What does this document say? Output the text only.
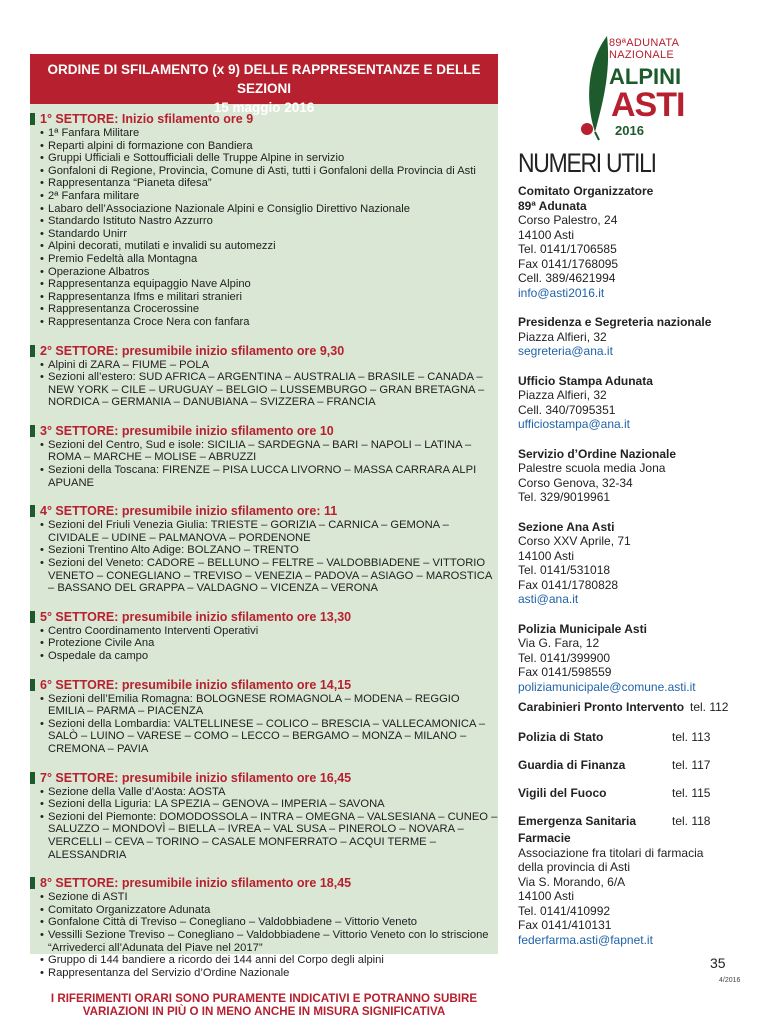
ORDINE DI SFILAMENTO (x 9) DELLE RAPPRESENTANZE E DELLE SEZIONI
15 maggio 2016
1° SETTORE: Inizio sfilamento ore 9
• 1ª Fanfara Militare
• Reparti alpini di formazione con Bandiera
• Gruppi Ufficiali e Sottoufficiali delle Truppe Alpine in servizio
• Gonfaloni di Regione, Provincia, Comune di Asti, tutti i Gonfaloni della Provincia di Asti
• Rappresentanza “Pianeta difesa”
• 2ª Fanfara militare
• Labaro dell’Associazione Nazionale Alpini e Consiglio Direttivo Nazionale
• Standardo Istituto Nastro Azzurro
• Standardo Unirr
• Alpini decorati, mutilati e invalidi su automezzi
• Premio Fedeltà alla Montagna
• Operazione Albatros
• Rappresentanza equipaggio Nave Alpino
• Rappresentanza Ifms e militari stranieri
• Rappresentanza Crocerossine
• Rappresentanza Croce Nera con fanfara
2° SETTORE: presumibile inizio sfilamento ore 9,30
• Alpini di ZARA – FIUME – POLA
• Sezioni all’estero: SUD AFRICA – ARGENTINA – AUSTRALIA – BRASILE – CANADA – NEW YORK – CILE – URUGUAY – BELGIO – LUSSEMBURGO – GRAN BRETAGNA – NORDICA – GERMANIA – DANUBIANA – SVIZZERA – FRANCIA
3° SETTORE: presumibile inizio sfilamento ore 10
• Sezioni del Centro, Sud e isole: SICILIA – SARDEGNA – BARI – NAPOLI – LATINA – ROMA – MARCHE – MOLISE – ABRUZZI
• Sezioni della Toscana: FIRENZE – PISA LUCCA LIVORNO – MASSA CARRARA ALPI APUANE
4° SETTORE: presumibile inizio sfilamento ore: 11
• Sezioni del Friuli Venezia Giulia: TRIESTE – GORIZIA – CARNICA – GEMONA – CIVIDALE – UDINE – PALMANOVA – PORDENONE
• Sezioni Trentino Alto Adige: BOLZANO – TRENTO
• Sezioni del Veneto: CADORE – BELLUNO – FELTRE – VALDOBBIADENE – VITTORIO VENETO – CONEGLIANO – TREVISO – VENEZIA – PADOVA – ASIAGO – MAROSTICA – BASSANO DEL GRAPPA – VALDAGNO – VICENZA – VERONA
5° SETTORE: presumibile inizio sfilamento ore 13,30
• Centro Coordinamento Interventi Operativi
• Protezione Civile Ana
• Ospedale da campo
6° SETTORE: presumibile inizio sfilamento ore 14,15
• Sezioni dell’Emilia Romagna: BOLOGNESE ROMAGNOLA – MODENA – REGGIO EMILIA – PARMA – PIACENZA
• Sezioni della Lombardia: VALTELLINESE – COLICO – BRESCIA – VALLECAMONICA – SALÒ – LUINO – VARESE – COMO – LECCO – BERGAMO – MONZA – MILANO – CREMONA – PAVIA
7° SETTORE: presumibile inizio sfilamento ore 16,45
• Sezione della Valle d’Aosta: AOSTA
• Sezioni della Liguria: LA SPEZIA – GENOVA – IMPERIA – SAVONA
• Sezioni del Piemonte: DOMODOSSOLA – INTRA – OMEGNA – VALSESIANA – CUNEO – SALUZZO – MONDOVÌ – BIELLA – IVREA – VAL SUSA – PINEROLO – NOVARA – VERCELLI – CEVA – TORINO – CASALE MONFERRATO – ACQUI TERME – ALESSANDRIA
8° SETTORE: presumibile inizio sfilamento ore 18,45
• Sezione di ASTI
• Comitato Organizzatore Adunata
• Gonfalone Città di Treviso – Conegliano – Valdobbiadene – Vittorio Veneto
• Vessilli Sezione Treviso – Conegliano – Valdobbiadene – Vittorio Veneto con lo striscione “Arrivederci all’Adunata del Piave nel 2017”
• Gruppo di 144 bandiere a ricordo dei 144 anni del Corpo degli alpini
• Rappresentanza del Servizio d’Ordine Nazionale
I RIFERIMENTI ORARI SONO PURAMENTE INDICATIVI E POTRANNO SUBIRE
VARIAZIONI IN PIÙ O IN MENO ANCHE IN MISURA SIGNIFICATIVA
89ªADUNATA
NAZIONALE
ALPINI
ASTI
2016
NUMERI UTILI
Comitato Organizzatore
89ª Adunata
Corso Palestro, 24
14100 Asti
Tel. 0141/1706585
Fax 0141/1768095
Cell. 389/4621994
info@asti2016.it
Presidenza e Segreteria nazionale
Piazza Alfieri, 32
segreteria@ana.it
Ufficio Stampa Adunata
Piazza Alfieri, 32
Cell. 340/7095351
ufficiostampa@ana.it
Servizio d’Ordine Nazionale
Palestre scuola media Jona
Corso Genova, 32-34
Tel. 329/9019961
Sezione Ana Asti
Corso XXV Aprile, 71
14100 Asti
Tel. 0141/531018
Fax 0141/1780828
asti@ana.it
Polizia Municipale Asti
Via G. Fara, 12
Tel. 0141/399900
Fax 0141/598559
poliziamunicipale@comune.asti.it
Carabinieri Pronto Intervento tel. 112
Polizia di Stato	tel. 113
Guardia di Finanza	tel. 117
Vigili del Fuoco	tel. 115
Emergenza Sanitaria	tel. 118
Farmacie
Associazione fra titolari di farmacia
della provincia di Asti
Via S. Morando, 6/A
14100 Asti
Tel. 0141/410992
Fax 0141/410131
federfarma.asti@fapnet.it
35
4/2016
